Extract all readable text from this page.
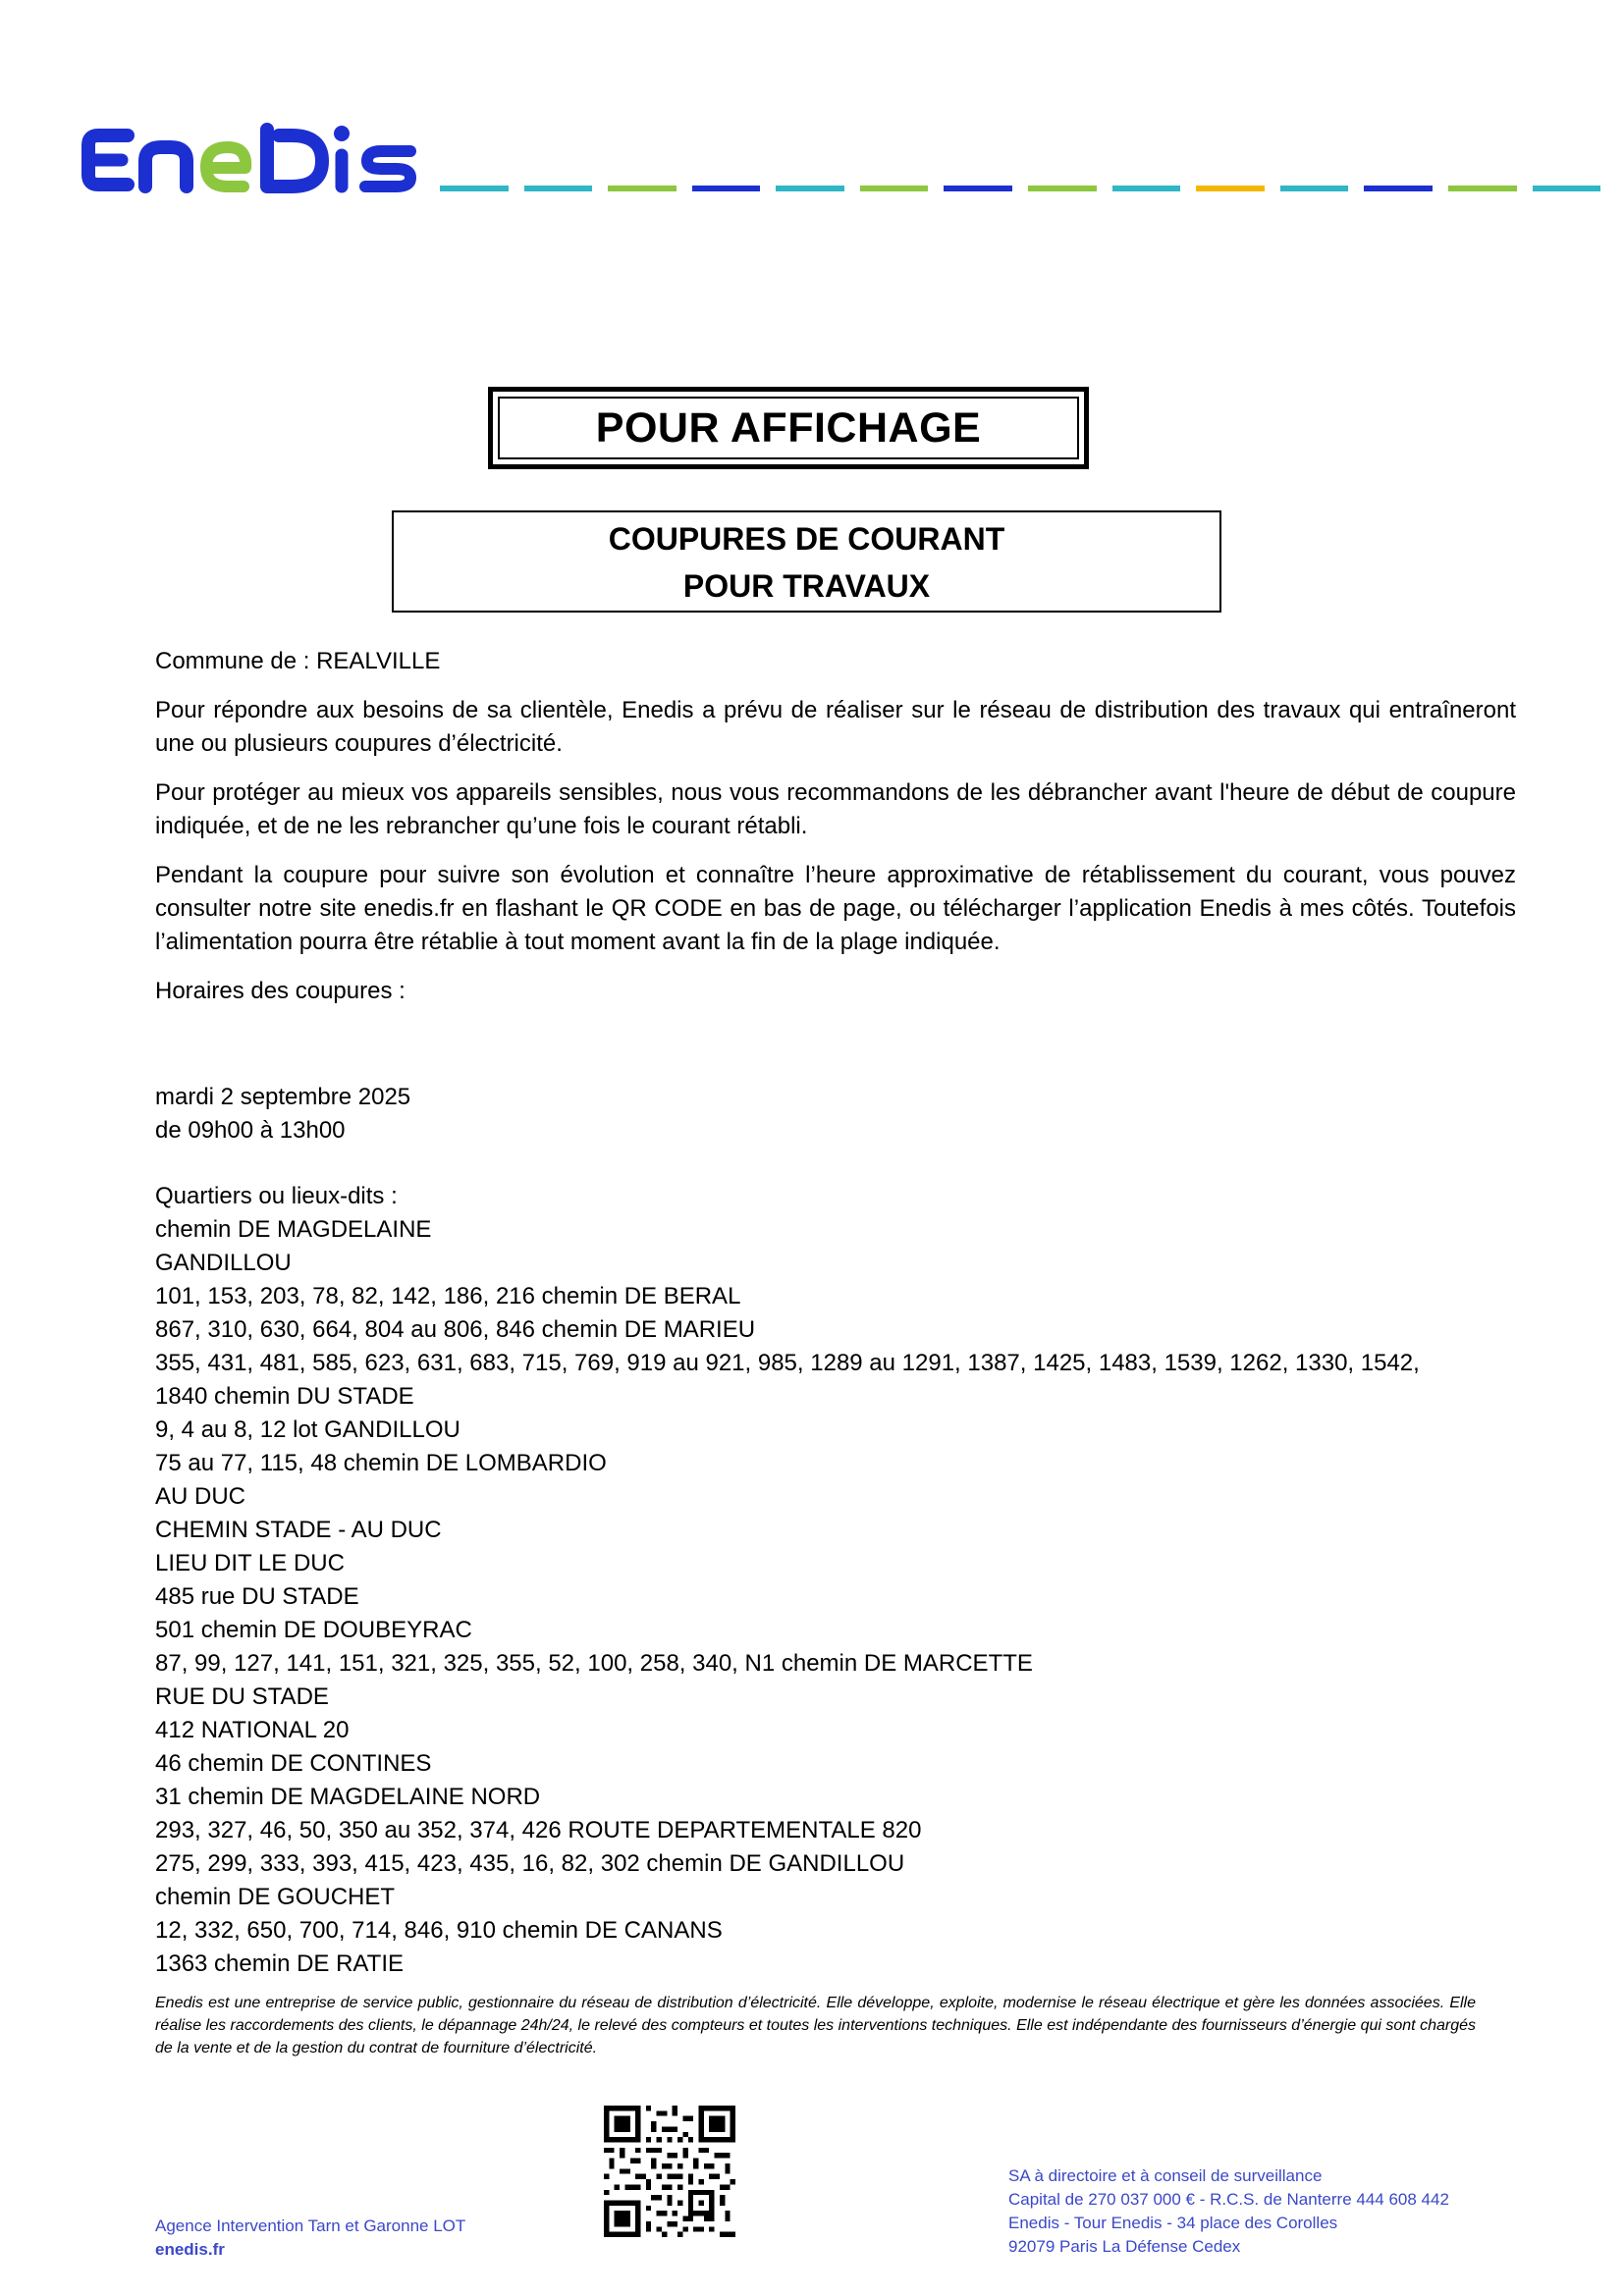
POUR AFFICHAGE
COUPURES DE COURANT
POUR TRAVAUX
Commune de : REALVILLE
Pour répondre aux besoins de sa clientèle, Enedis a prévu de réaliser sur le réseau de distribution des travaux qui entraîneront une ou plusieurs coupures d’électricité.
Pour protéger au mieux vos appareils sensibles, nous vous recommandons de les débrancher avant l'heure de début de coupure indiquée, et de ne les rebrancher qu’une fois le courant rétabli.
Pendant la coupure pour suivre son évolution et connaître l’heure approximative de rétablissement du courant, vous pouvez consulter notre site enedis.fr en flashant le QR CODE en bas de page, ou télécharger l’application Enedis à mes côtés. Toutefois l’alimentation pourra être rétablie à tout moment avant la fin de la plage indiquée.
Horaires des coupures :
mardi 2 septembre 2025
de 09h00 à 13h00
Quartiers ou lieux-dits :
chemin DE MAGDELAINE
GANDILLOU
101, 153, 203, 78, 82, 142, 186, 216 chemin DE BERAL
867, 310, 630, 664, 804 au 806, 846 chemin DE MARIEU
355, 431, 481, 585, 623, 631, 683, 715, 769, 919 au 921, 985, 1289 au 1291, 1387, 1425, 1483, 1539, 1262, 1330, 1542,
1840 chemin DU STADE
9, 4 au 8, 12 lot GANDILLOU
75 au 77, 115, 48 chemin DE LOMBARDIO
AU DUC
CHEMIN STADE - AU DUC
LIEU DIT LE DUC
485 rue DU STADE
501 chemin DE DOUBEYRAC
87, 99, 127, 141, 151, 321, 325, 355, 52, 100, 258, 340, N1 chemin DE MARCETTE
RUE DU STADE
412 NATIONAL 20
46 chemin DE CONTINES
31 chemin DE MAGDELAINE NORD
293, 327, 46, 50, 350 au 352, 374, 426 ROUTE DEPARTEMENTALE 820
275, 299, 333, 393, 415, 423, 435, 16, 82, 302 chemin DE GANDILLOU
chemin DE GOUCHET
12, 332, 650, 700, 714, 846, 910 chemin DE CANANS
1363 chemin DE RATIE
Enedis est une entreprise de service public, gestionnaire du réseau de distribution d’électricité. Elle développe, exploite, modernise le réseau électrique et gère les données associées. Elle réalise les raccordements des clients, le dépannage 24h/24, le relevé des compteurs et toutes les interventions techniques. Elle est indépendante des fournisseurs d’énergie qui sont chargés de la vente et de la gestion du contrat de fourniture d’électricité.
Agence Intervention Tarn et Garonne LOT
enedis.fr
SA à directoire et à conseil de surveillance
Capital de 270 037 000 € - R.C.S. de Nanterre 444 608 442
Enedis - Tour Enedis - 34 place des Corolles
92079 Paris La Défense Cedex
